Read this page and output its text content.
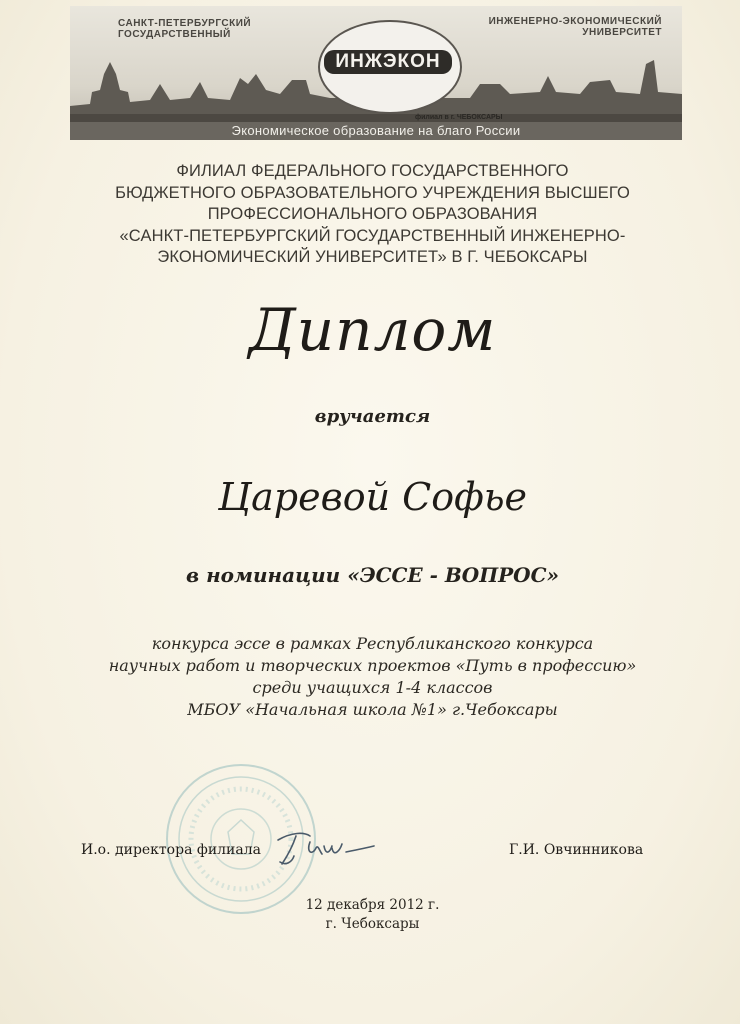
САНКТ-ПЕТЕРБУРГСКИЙ
ГОСУДАРСТВЕННЫЙ
ИНЖЕНЕРНО-ЭКОНОМИЧЕСКИЙ
УНИВЕРСИТЕТ
ИНЖЭКОН
филиал в г. ЧЕБОКСАРЫ
Экономическое образование на благо России
ФИЛИАЛ ФЕДЕРАЛЬНОГО ГОСУДАРСТВЕННОГО
БЮДЖЕТНОГО ОБРАЗОВАТЕЛЬНОГО УЧРЕЖДЕНИЯ ВЫСШЕГО
ПРОФЕССИОНАЛЬНОГО ОБРАЗОВАНИЯ
«САНКТ-ПЕТЕРБУРГСКИЙ ГОСУДАРСТВЕННЫЙ ИНЖЕНЕРНО-
ЭКОНОМИЧЕСКИЙ УНИВЕРСИТЕТ» В Г. ЧЕБОКСАРЫ
Диплом
вручается
Царевой Софье
в номинации «ЭССЕ - ВОПРОС»
конкурса эссе в рамках Республиканского конкурса
научных работ и творческих проектов «Путь в профессию»
среди учащихся 1-4 классов
МБОУ «Начальная школа №1» г.Чебоксары
И.о. директора филиала	Г.И. Овчинникова
12 декабря 2012 г.
г. Чебоксары
